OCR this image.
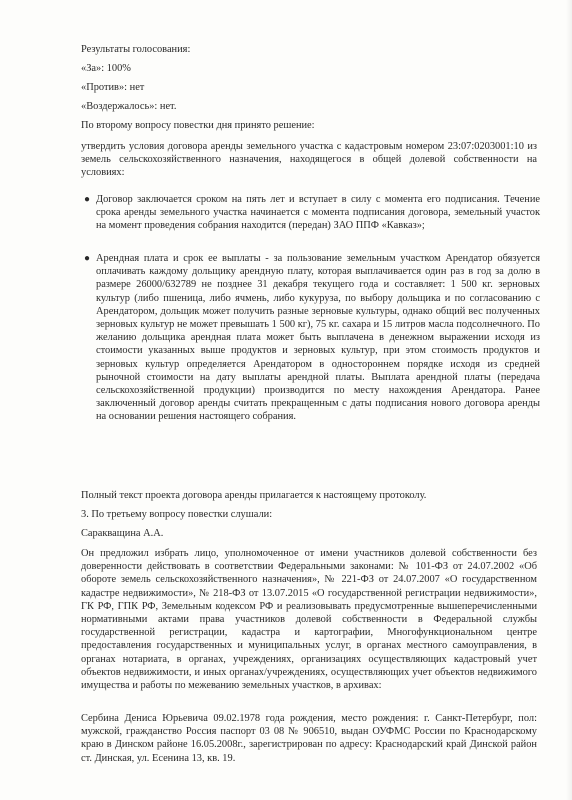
Результаты голосования:
«За»: 100%
«Против»: нет
«Воздержалось»: нет.
По второму вопросу повестки дня принято решение:
утвердить условия договора аренды земельного участка с кадастровым номером 23:07:0203001:10 из земель сельскохозяйственного назначения, находящегося в общей долевой собственности на условиях:
● Договор заключается сроком на пять лет и вступает в силу с момента его подписания. Течение срока аренды земельного участка начинается с момента подписания договора, земельный участок на момент проведения собрания находится (передан) ЗАО ППФ «Кавказ»;
● Арендная плата и срок ее выплаты - за пользование земельным участком Арендатор обязуется оплачивать каждому дольщику арендную плату, которая выплачивается один раз в год за долю в размере 26000/632789 не позднее 31 декабря текущего года и составляет: 1 500 кг. зерновых культур (либо пшеница, либо ячмень, либо кукуруза, по выбору дольщика и по согласованию с Арендатором, дольщик может получить разные зерновые культуры, однако общий вес полученных зерновых культур не может превышать 1 500 кг), 75 кг. сахара и 15 литров масла подсолнечного. По желанию дольщика арендная плата может быть выплачена в денежном выражении исходя из стоимости указанных выше продуктов и зерновых культур, при этом стоимость продуктов и зерновых культур определяется Арендатором в одностороннем порядке исходя из средней рыночной стоимости на дату выплаты арендной платы. Выплата арендной платы (передача сельскохозяйственной продукции) производится по месту нахождения Арендатора. Ранее заключенный договор аренды считать прекращенным с даты подписания нового договора аренды на основании решения настоящего собрания.
Полный текст проекта договора аренды прилагается к настоящему протоколу.
3. По третьему вопросу повестки слушали:
Саракващина А.А.
Он предложил избрать лицо, уполномоченное от имени участников долевой собственности без доверенности действовать в соответствии Федеральными законами: № 101-ФЗ от 24.07.2002 «Об обороте земель сельскохозяйственного назначения», № 221-ФЗ от 24.07.2007 «О государственном кадастре недвижимости», № 218-ФЗ от 13.07.2015 «О государственной регистрации недвижимости», ГК РФ, ГПК РФ, Земельным кодексом РФ и реализовывать предусмотренные вышеперечисленными нормативными актами права участников долевой собственности в Федеральной службы государственной регистрации, кадастра и картографии, Многофункциональном центре предоставления государственных и муниципальных услуг, в органах местного самоуправления, в органах нотариата, в органах, учреждениях, организациях осуществляющих кадастровый учет объектов недвижимости, и иных органах/учреждениях, осуществляющих учет объектов недвижимого имущества и работы по межеванию земельных участков, в архивах:
Сербина Дениса Юрьевича 09.02.1978 года рождения, место рождения: г. Санкт-Петербург, пол: мужской, гражданство Россия паспорт 03 08 № 906510, выдан ОУФМС России по Краснодарскому краю в Динском районе 16.05.2008г., зарегистрирован по адресу: Краснодарский край Динской район ст. Динская, ул. Есенина 13, кв. 19.
